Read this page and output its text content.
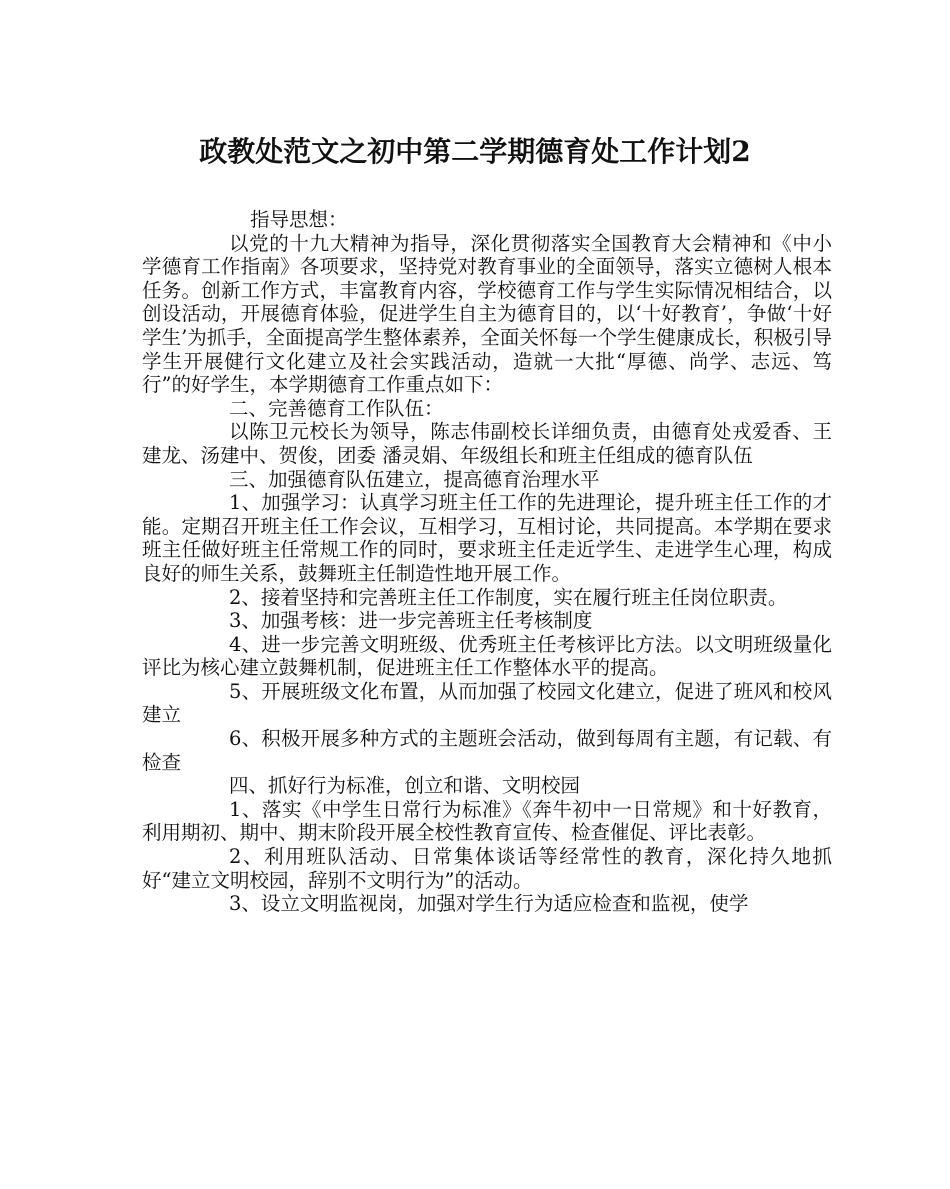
政教处范文之初中第二学期德育处工作计划2

指导思想：

以党的十九大精神为指导，深化贯彻落实全国教育大会精神和《中小学德育工作指南》各项要求，坚持党对教育事业的全面领导，落实立德树人根本任务。创新工作方式，丰富教育内容，学校德育工作与学生实际情况相结合，以创设活动，开展德育体验，促进学生自主为德育目的，以‘十好教育’，争做‘十好学生’为抓手，全面提高学生整体素养，全面关怀每一个学生健康成长，积极引导学生开展健行文化建立及社会实践活动，造就一大批“厚德、尚学、志远、笃行”的好学生，本学期德育工作重点如下：

二、完善德育工作队伍：

以陈卫元校长为领导，陈志伟副校长详细负责，由德育处戎爱香、王建龙、汤建中、贺俊，团委 潘灵娟、年级组长和班主任组成的德育队伍

三、加强德育队伍建立，提高德育治理水平

1、加强学习：认真学习班主任工作的先进理论，提升班主任工作的才能。定期召开班主任工作会议，互相学习，互相讨论，共同提高。本学期在要求班主任做好班主任常规工作的同时，要求班主任走近学生、走进学生心理，构成良好的师生关系，鼓舞班主任制造性地开展工作。

2、接着坚持和完善班主任工作制度，实在履行班主任岗位职责。

3、加强考核：进一步完善班主任考核制度

4、进一步完善文明班级、优秀班主任考核评比方法。以文明班级量化评比为核心建立鼓舞机制，促进班主任工作整体水平的提高。

5、开展班级文化布置，从而加强了校园文化建立，促进了班风和校风建立

6、积极开展多种方式的主题班会活动，做到每周有主题，有记载、有检查

四、抓好行为标准，创立和谐、文明校园

1、落实《中学生日常行为标准》《奔牛初中一日常规》和十好教育，利用期初、期中、期末阶段开展全校性教育宣传、检查催促、评比表彰。

2、利用班队活动、日常集体谈话等经常性的教育，深化持久地抓好“建立文明校园，辞别不文明行为”的活动。

3、设立文明监视岗，加强对学生行为适应检查和监视，使学
